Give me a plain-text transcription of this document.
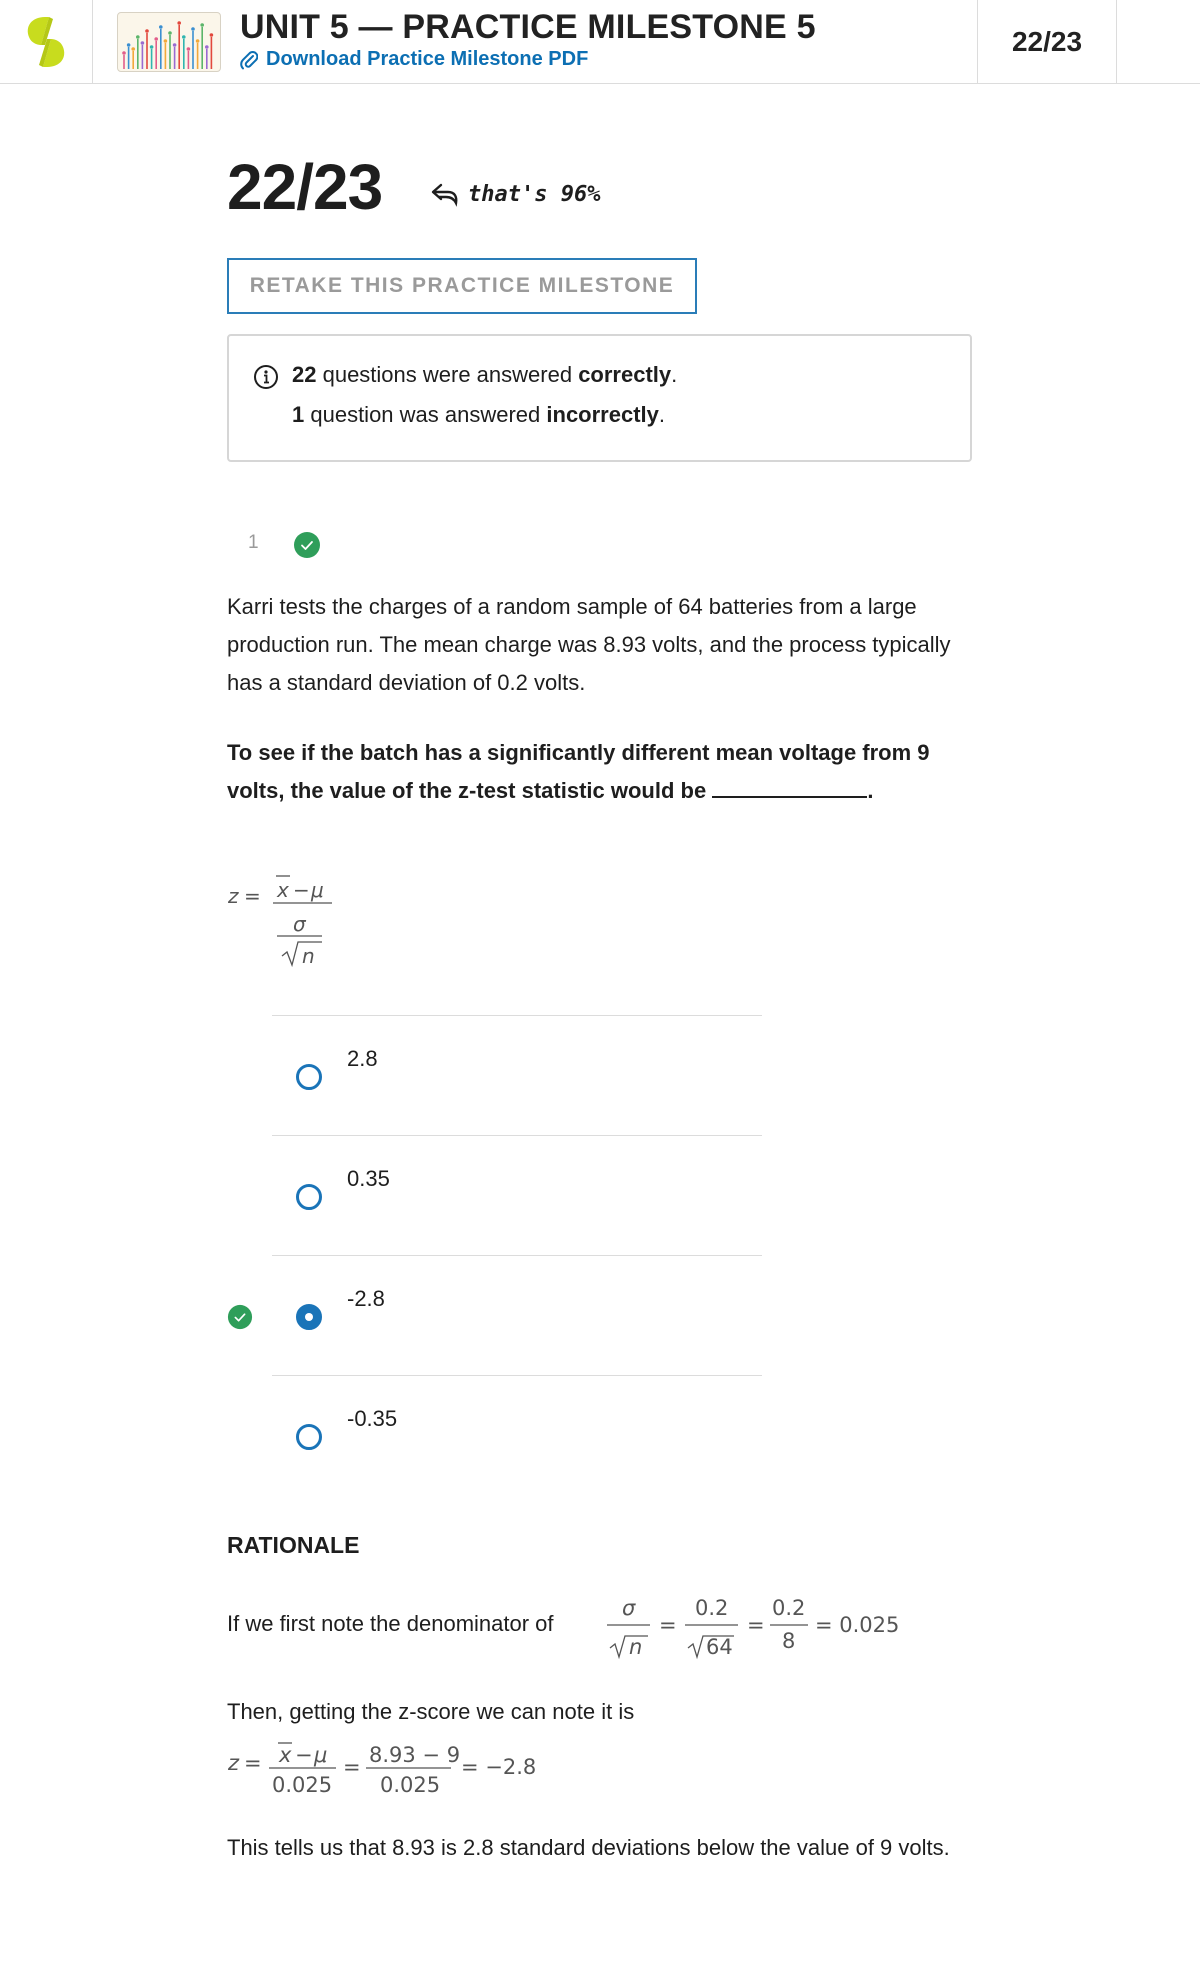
UNIT 5 — PRACTICE MILESTONE 5
Download Practice Milestone PDF
22/23
22/23	that's 96%
RETAKE THIS PRACTICE MILESTONE
22 questions were answered correctly.
1 question was answered incorrectly.
1
Karri tests the charges of a random sample of 64 batteries from a large production run. The mean charge was 8.93 volts, and the process typically has a standard deviation of 0.2 volts.
To see if the batch has a significantly different mean voltage from 9 volts, the value of the z-test statistic would be	.
z = x − μ
σ
n
2.8
0.35
-2.8
-0.35
RATIONALE
If we first note the denominator of
σ
n
=
0.2
64
=
0.2
8
= 0.025
Then, getting the z-score we can note it is
z = x − μ
0.025
= 8.93 − 9
0.025
= −2.8
This tells us that 8.93 is 2.8 standard deviations below the value of 9 volts.
